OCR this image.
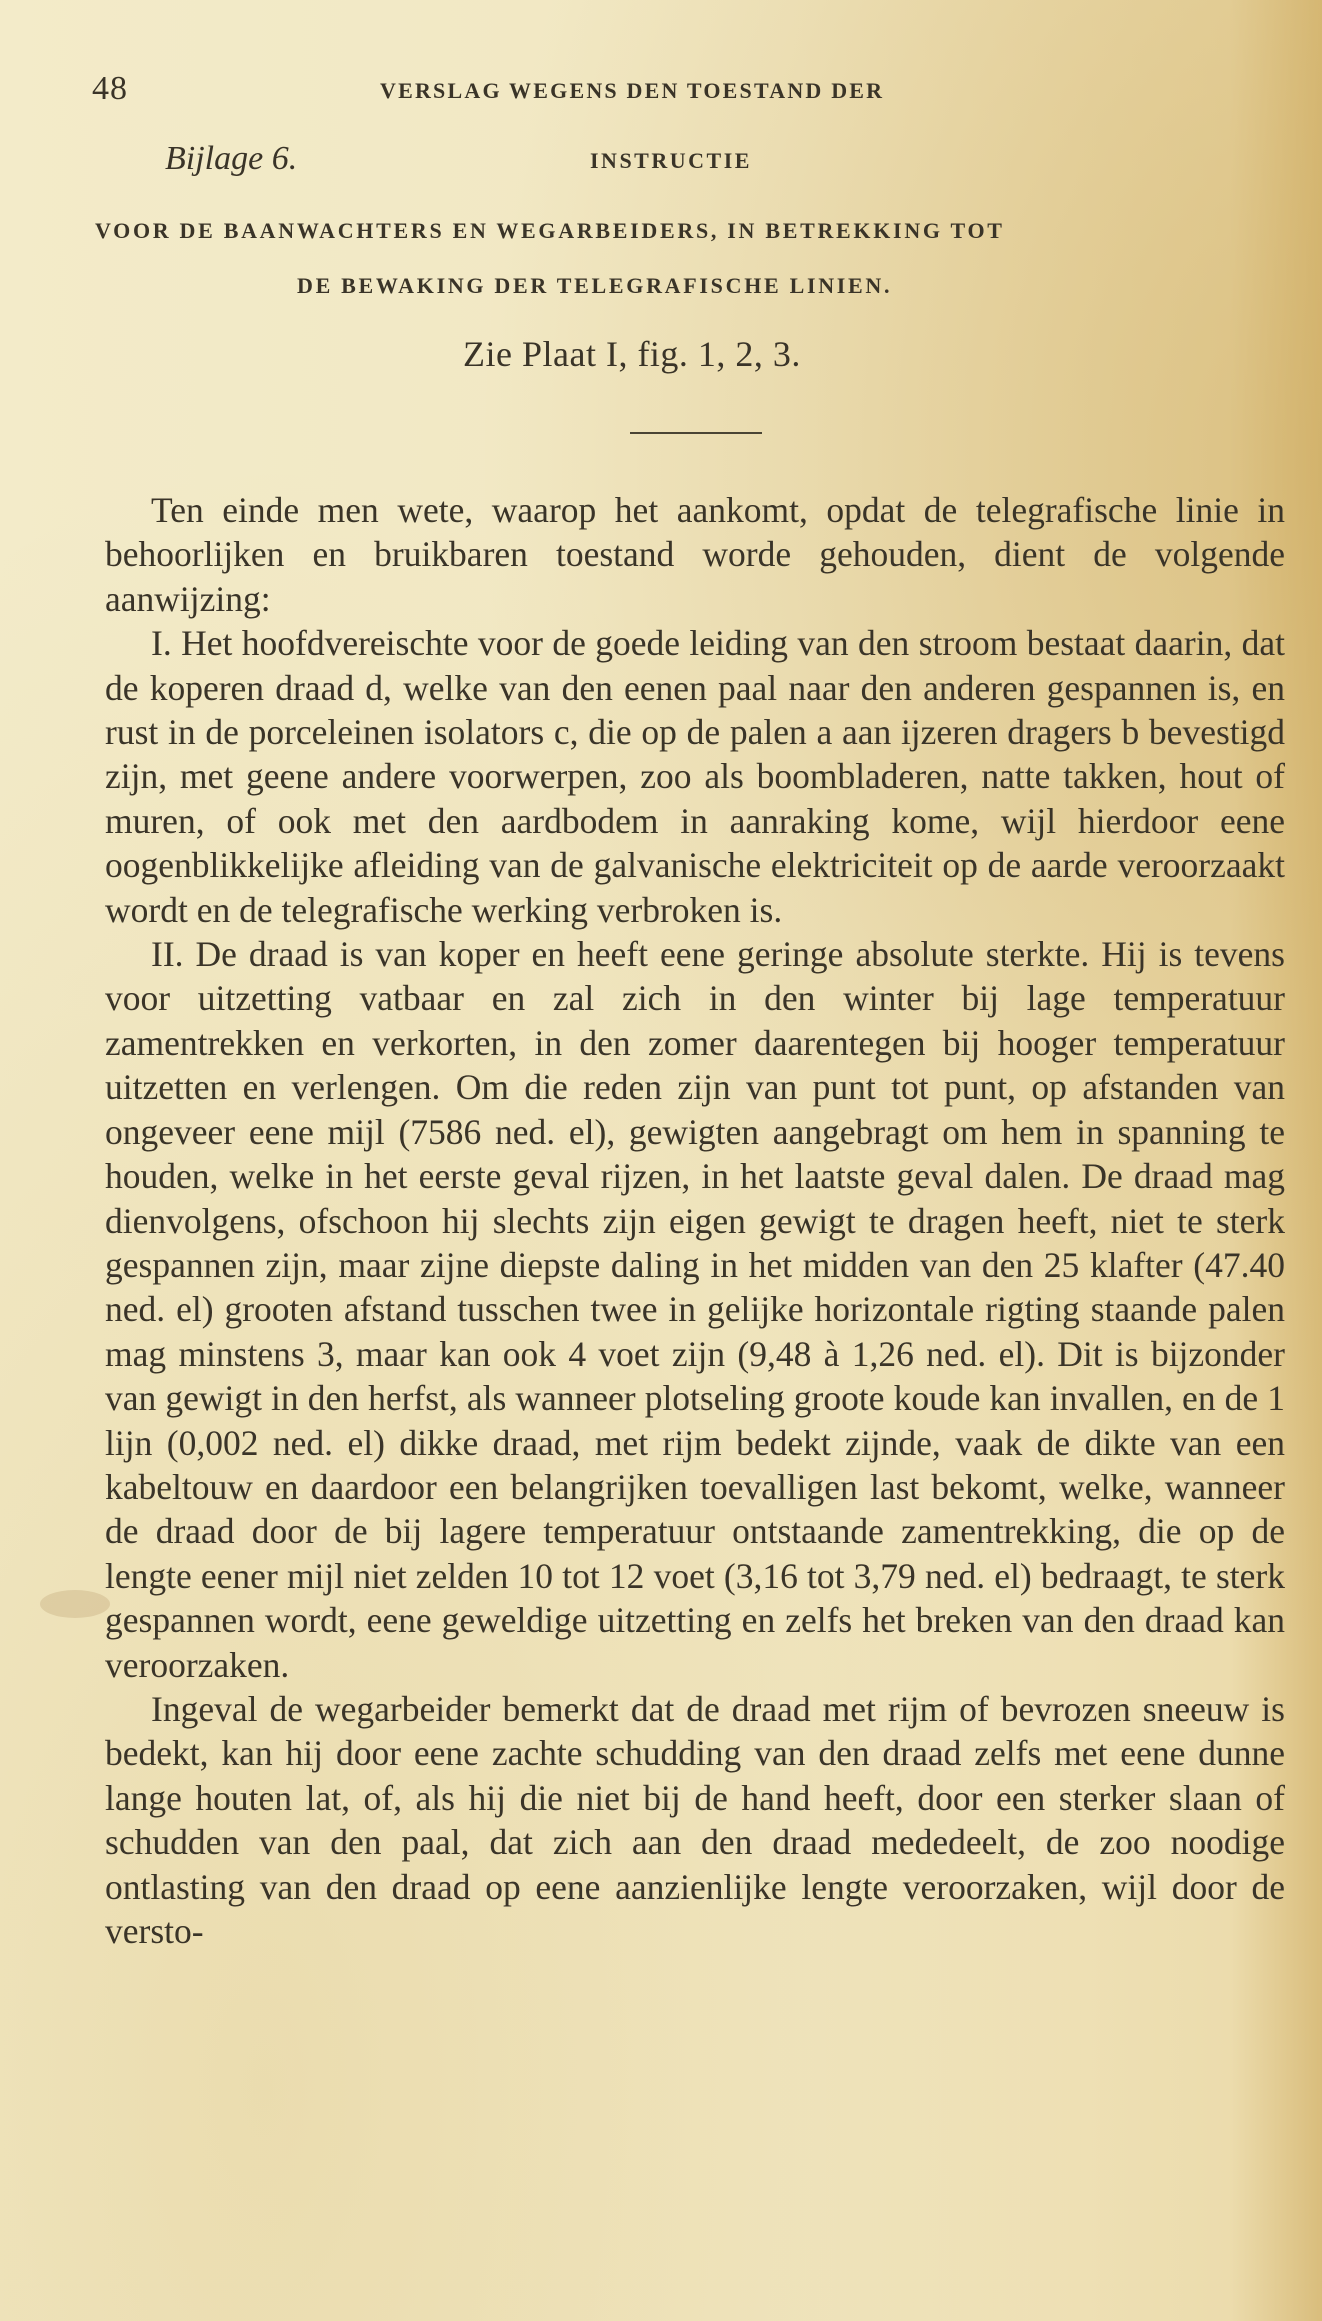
48	VERSLAG WEGENS DEN TOESTAND DER
Bijlage 6.	INSTRUCTIE
VOOR DE BAANWACHTERS EN WEGARBEIDERS, IN BETREKKING TOT
DE BEWAKING DER TELEGRAFISCHE LINIEN.
Zie Plaat I, fig. 1, 2, 3.

Ten einde men wete, waarop het aankomt, opdat de telegrafische linie in behoorlijken en bruikbaren toestand worde gehouden, dient de volgende aanwijzing:

I. Het hoofdvereischte voor de goede leiding van den stroom bestaat daarin, dat de koperen draad d, welke van den eenen paal naar den anderen gespannen is, en rust in de porceleinen isolators c, die op de palen a aan ijzeren dragers b bevestigd zijn, met geene andere voorwerpen, zoo als boombladeren, natte takken, hout of muren, of ook met den aardbodem in aanraking kome, wijl hierdoor eene oogenblikkelijke afleiding van de galvanische elektriciteit op de aarde veroorzaakt wordt en de telegrafische werking verbroken is.

II. De draad is van koper en heeft eene geringe absolute sterkte. Hij is tevens voor uitzetting vatbaar en zal zich in den winter bij lage temperatuur zamentrekken en verkorten, in den zomer daarentegen bij hooger temperatuur uitzetten en verlengen. Om die reden zijn van punt tot punt, op afstanden van ongeveer eene mijl (7586 ned. el), gewigten aangebragt om hem in spanning te houden, welke in het eerste geval rijzen, in het laatste geval dalen. De draad mag dienvolgens, ofschoon hij slechts zijn eigen gewigt te dragen heeft, niet te sterk gespannen zijn, maar zijne diepste daling in het midden van den 25 klafter (47.40 ned. el) grooten afstand tusschen twee in gelijke horizontale rigting staande palen mag minstens 3, maar kan ook 4 voet zijn (9,48 à 1,26 ned. el). Dit is bijzonder van gewigt in den herfst, als wanneer plotseling groote koude kan invallen, en de 1 lijn (0,002 ned. el) dikke draad, met rijm bedekt zijnde, vaak de dikte van een kabeltouw en daardoor een belangrijken toevalligen last bekomt, welke, wanneer de draad door de bij lagere temperatuur ontstaande zamentrekking, die op de lengte eener mijl niet zelden 10 tot 12 voet (3,16 tot 3,79 ned. el) bedraagt, te sterk gespannen wordt, eene geweldige uitzetting en zelfs het breken van den draad kan veroorzaken.

Ingeval de wegarbeider bemerkt dat de draad met rijm of bevrozen sneeuw is bedekt, kan hij door eene zachte schudding van den draad zelfs met eene dunne lange houten lat, of, als hij die niet bij de hand heeft, door een sterker slaan of schudden van den paal, dat zich aan den draad mededeelt, de zoo noodige ontlasting van den draad op eene aanzienlijke lengte veroorzaken, wijl door de versto-
